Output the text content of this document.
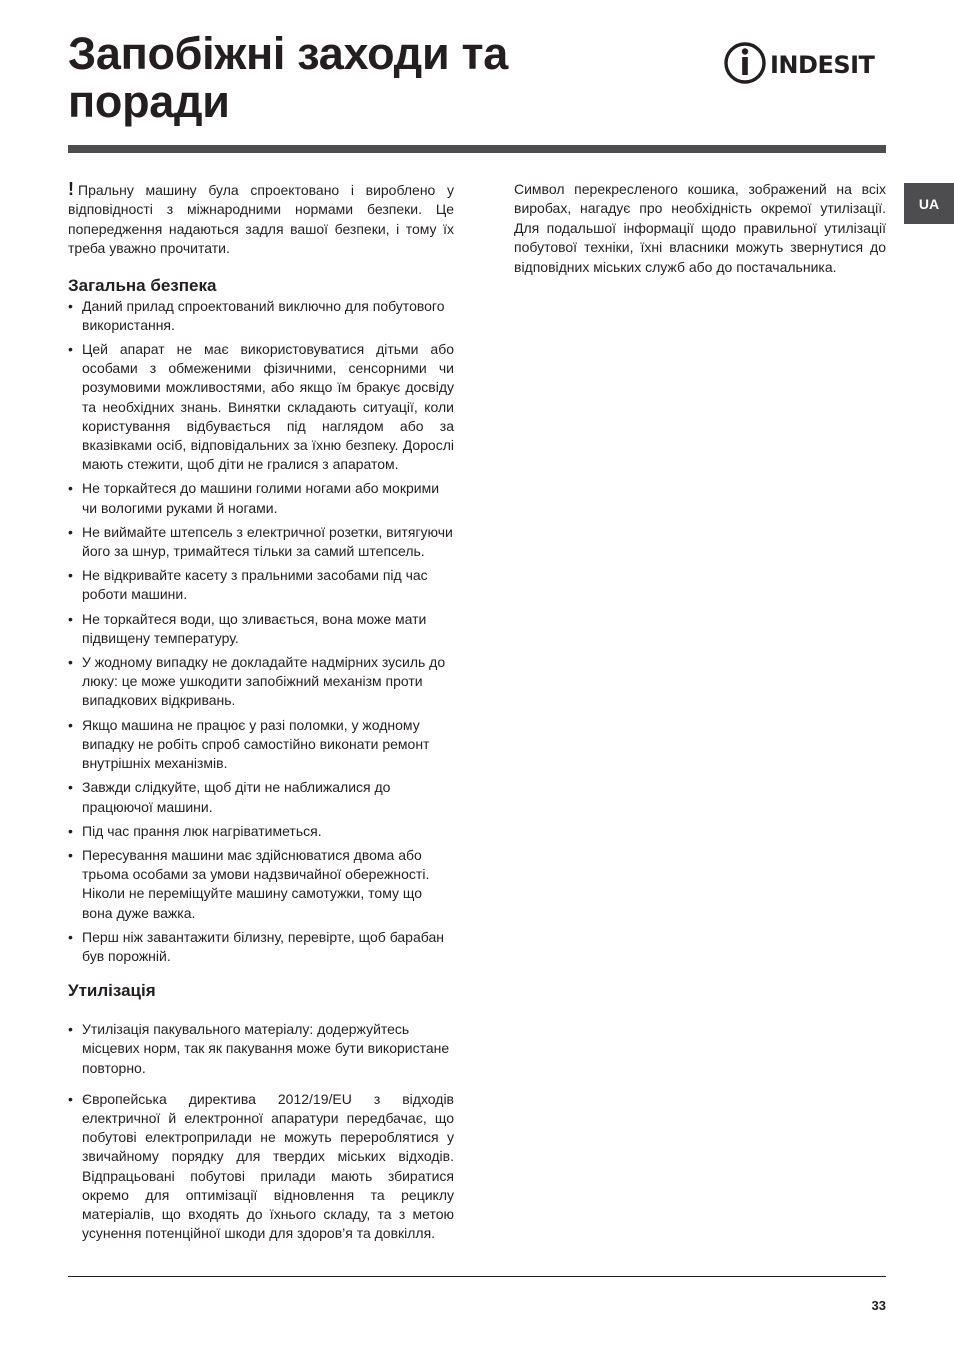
Запобіжні заходи та поради
INDESIT
UA

! Пральну машину була спроектовано і вироблено у відповідності з міжнародними нормами безпеки. Це попередження надаються задля вашої безпеки, і тому їх треба уважно прочитати.

Загальна безпека
• Даний прилад спроектований виключно для побутового використання.
• Цей апарат не має використовуватися дітьми або особами з обмеженими фізичними, сенсорними чи розумовими можливостями, або якщо їм бракує досвіду та необхідних знань. Винятки складають ситуації, коли користування відбувається під наглядом або за вказівками осіб, відповідальних за їхню безпеку. Дорослі мають стежити, щоб діти не гралися з апаратом.
• Не торкайтеся до машини голими ногами або мокрими чи вологими руками й ногами.
• Не виймайте штепсель з електричної розетки, витягуючи його за шнур, тримайтеся тільки за самий штепсель.
• Не відкривайте касету з пральними засобами під час роботи машини.
• Не торкайтеся води, що зливається, вона може мати підвищену температуру.
• У жодному випадку не докладайте надмірних зусиль до люку: це може ушкодити запобіжний механізм проти випадкових відкривань.
• Якщо машина не працює у разі поломки, у жодному випадку не робіть спроб самостійно виконати ремонт внутрішніх механізмів.
• Завжди слідкуйте, щоб діти не наближалися до працюючої машини.
• Під час прання люк нагріватиметься.
• Пересування машини має здійснюватися двома або трьома особами за умови надзвичайної обережності. Ніколи не переміщуйте машину самотужки, тому що вона дуже важка.
• Перш ніж завантажити білизну, перевірте, щоб барабан був порожній.
Утилізація
• Утилізація пакувального матеріалу: додержуйтесь місцевих норм, так як пакування може бути використане повторно.
• Європейська директива 2012/19/EU з відходів електричної й електронної апаратури передбачає, що побутові електроприлади не можуть перероблятися у звичайному порядку для твердих міських відходів. Відпрацьовані побутові прилади мають збиратися окремо для оптимізації відновлення та рециклу матеріалів, що входять до їхнього складу, та з метою усунення потенційної шкоди для здоров’я та довкілля.

Символ перекресленого кошика, зображений на всіх виробах, нагадує про необхідність окремої утилізації. Для подальшої інформації щодо правильної утилізації побутової техніки, їхні власники можуть звернутися до відповідних міських служб або до постачальника.

33
